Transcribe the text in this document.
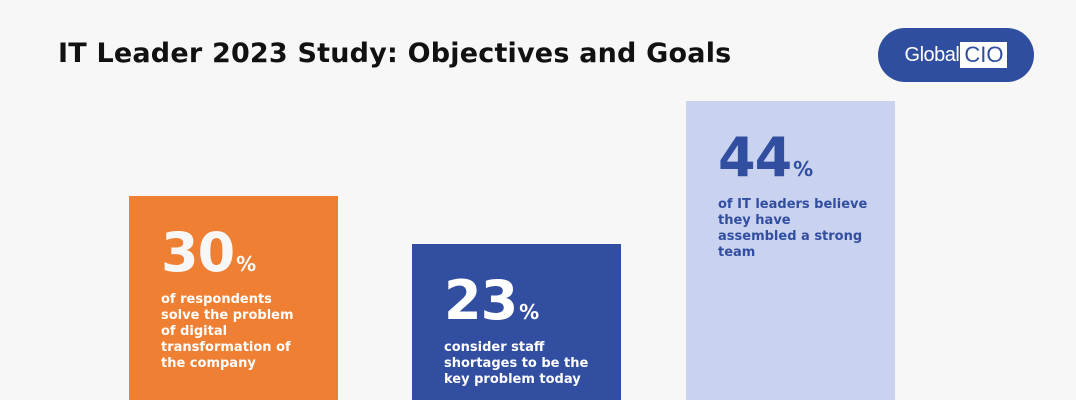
IT Leader 2023 Study: Objectives and Goals	Global CIO
30 %
of respondents solve the problem of digital transformation of the company
23 %
consider staff shortages to be the key problem today
44 %
of IT leaders believe they have assembled a strong team
